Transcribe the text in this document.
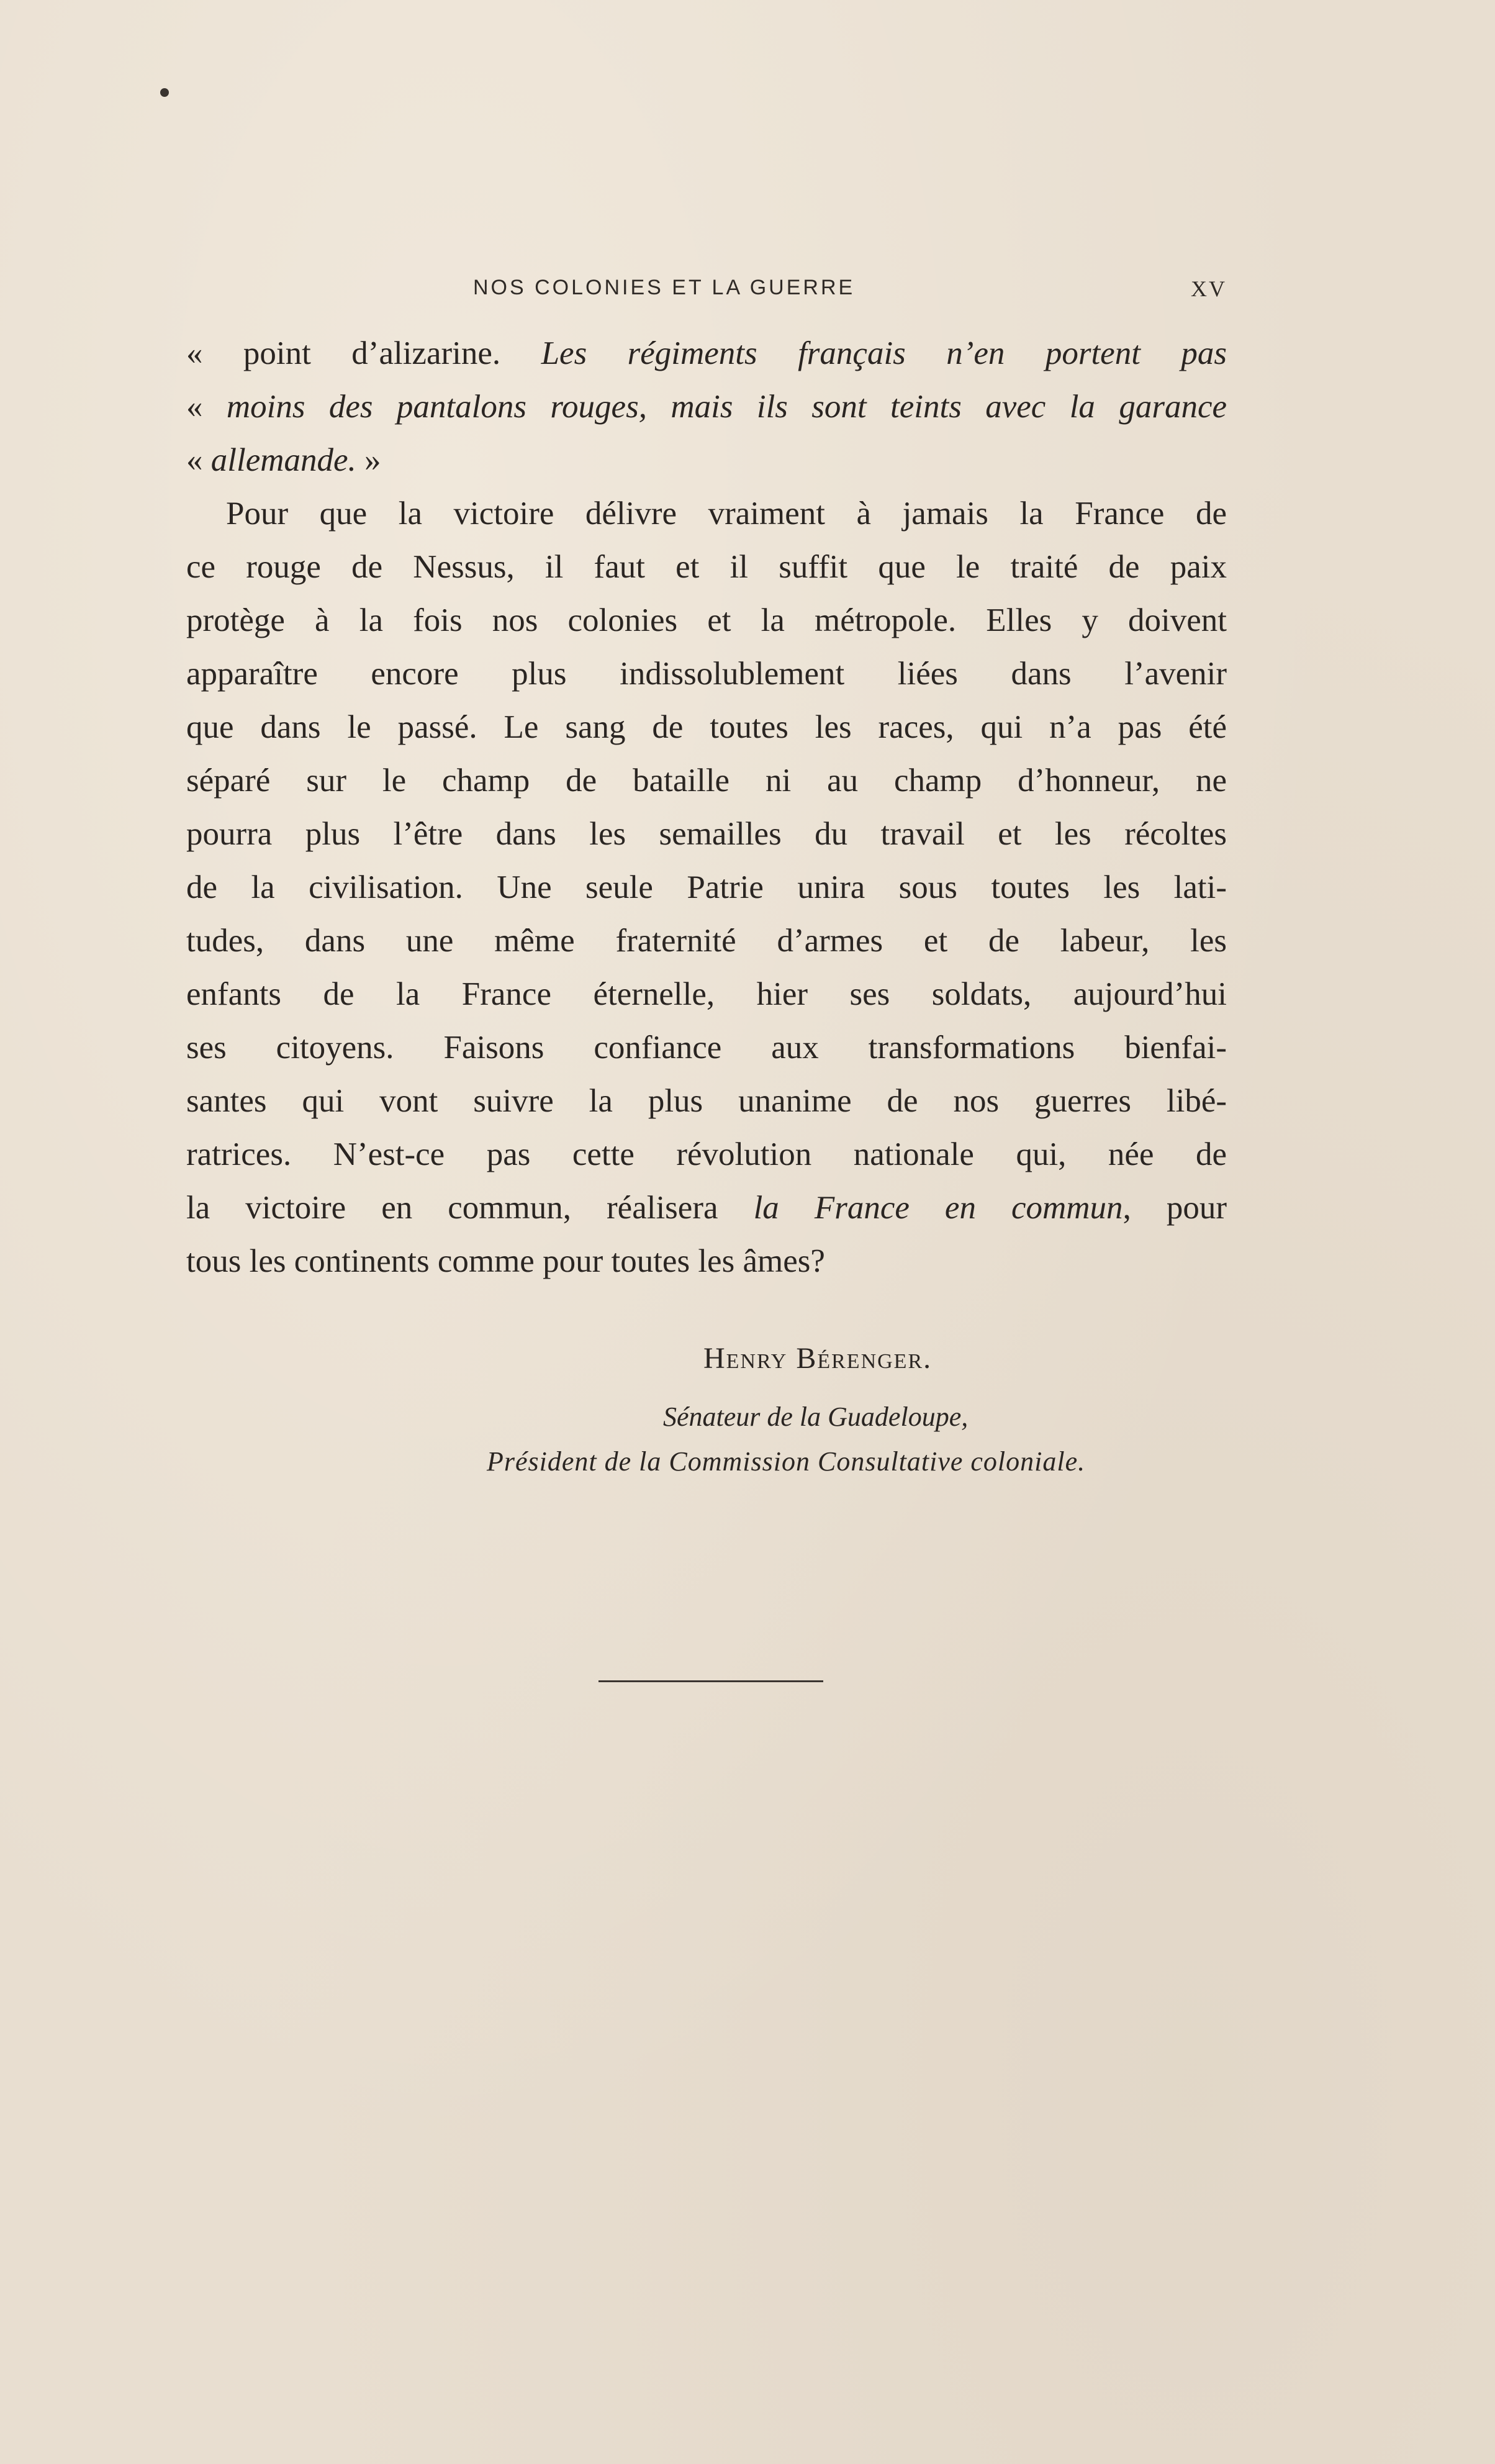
NOS COLONIES ET LA GUERRE	XV
« point d’alizarine. Les régiments français n’en portent pas
« moins des pantalons rouges, mais ils sont teints avec la garance
« allemande. »
Pour que la victoire délivre vraiment à jamais la France de
ce rouge de Nessus, il faut et il suffit que le traité de paix
protège à la fois nos colonies et la métropole. Elles y doivent
apparaître encore plus indissolublement liées dans l’avenir
que dans le passé. Le sang de toutes les races, qui n’a pas été
séparé sur le champ de bataille ni au champ d’honneur, ne
pourra plus l’être dans les semailles du travail et les récoltes
de la civilisation. Une seule Patrie unira sous toutes les lati-
tudes, dans une même fraternité d’armes et de labeur, les
enfants de la France éternelle, hier ses soldats, aujourd’hui
ses citoyens. Faisons confiance aux transformations bienfai-
santes qui vont suivre la plus unanime de nos guerres libé-
ratrices. N’est-ce pas cette révolution nationale qui, née de
la victoire en commun, réalisera la France en commun, pour
tous les continents comme pour toutes les âmes?
Henry Bérenger.
Sénateur de la Guadeloupe,
Président de la Commission Consultative coloniale.
